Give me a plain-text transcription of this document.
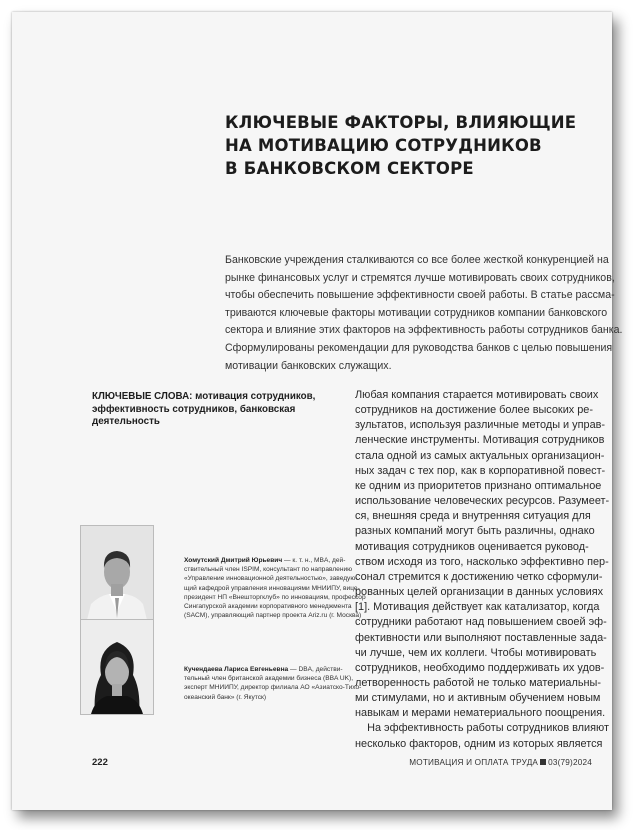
КЛЮЧЕВЫЕ ФАКТОРЫ, ВЛИЯЮЩИЕ
НА МОТИВАЦИЮ СОТРУДНИКОВ
В БАНКОВСКОМ СЕКТОРЕ
Банковские учреждения сталкиваются со все более жесткой конкуренцией на
рынке финансовых услуг и стремятся лучше мотивировать своих сотрудников,
чтобы обеспечить повышение эффективности своей работы. В статье рассма-
триваются ключевые факторы мотивации сотрудников компании банковского
сектора и влияние этих факторов на эффективность работы сотрудников банка.
Сформулированы рекомендации для руководства банков с целью повышения
мотивации банковских служащих.
КЛЮЧЕВЫЕ СЛОВА: мотивация сотрудников, эффективность сотрудников, банковская деятельность
Любая компания старается мотивировать своих
сотрудников на достижение более высоких ре-
зультатов, используя различные методы и управ-
ленческие инструменты. Мотивация сотрудников
стала одной из самых актуальных организацион-
ных задач с тех пор, как в корпоративной повест-
ке одним из приоритетов признано оптимальное
использование человеческих ресурсов. Разумеет-
ся, внешняя среда и внутренняя ситуация для
разных компаний могут быть различны, однако
мотивация сотрудников оценивается руковод-
ством исходя из того, насколько эффективно пер-
сонал стремится к достижению четко сформули-
рованных целей организации в данных условиях
[1]. Мотивация действует как катализатор, когда
сотрудники работают над повышением своей эф-
фективности или выполняют поставленные зада-
чи лучше, чем их коллеги. Чтобы мотивировать
сотрудников, необходимо поддерживать их удов-
летворенность работой не только материальны-
ми стимулами, но и активным обучением новым
навыкам и мерами нематериального поощрения.
На эффективность работы сотрудников влияют
несколько факторов, одним из которых является
Хомутский Дмитрий Юрьевич — к. т. н., MBA, дей-
ствительный член ISPIM, консультант по направлению
«Управление инновационной деятельностью», заведую-
щий кафедрой управления инновациями МНИИПУ, вице-
президент НП «Внешторгклуб» по инновациям, профессор
Сингапурской академии корпоративного менеджмента
(SACM), управляющий партнер проекта Ariz.ru (г. Москва)
Кучендаева Лариса Евгеньевна — DBA, действи-
тельный член британской академии бизнеса (BBA UK),
эксперт МНИИПУ, директор филиала АО «Азиатско-Тихо-
океанский банк» (г. Якутск)
222	МОТИВАЦИЯ И ОПЛАТА ТРУДА 03(79)2024
